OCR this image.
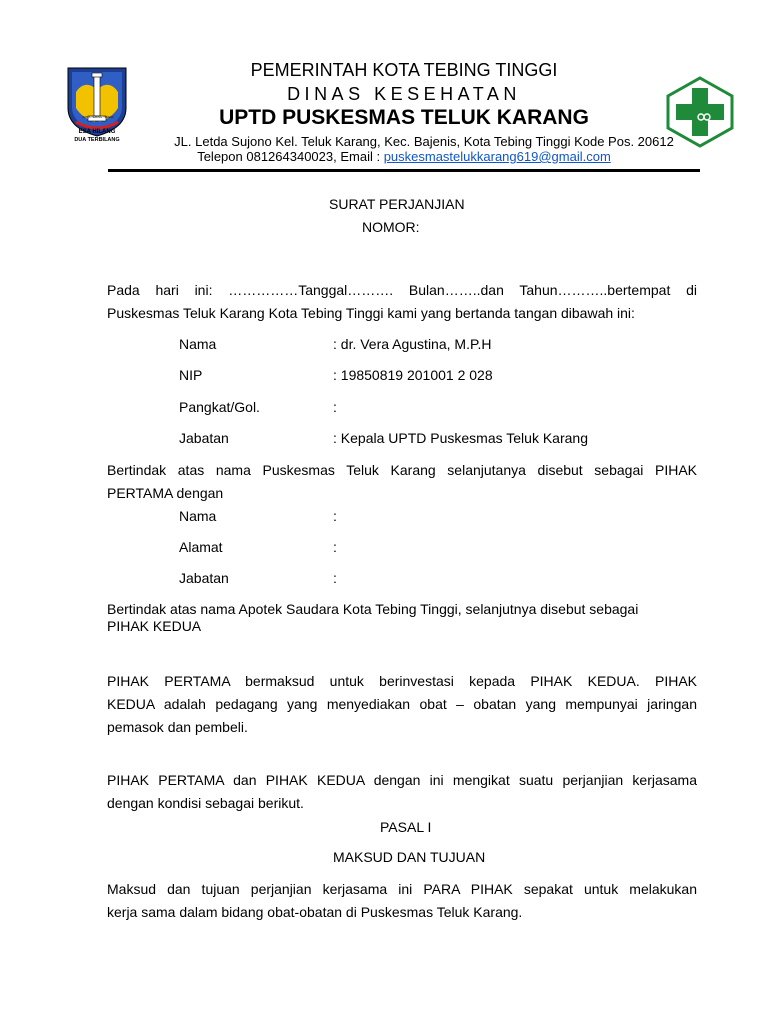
KOTA TEBING TINGGI
ESA HILANG
DUA TERBILANG
PEMERINTAH KOTA TEBING TINGGI
DINAS KESEHATAN
UPTD PUSKESMAS TELUK KARANG
JL. Letda Sujono Kel. Teluk Karang, Kec. Bajenis, Kota Tebing Tinggi Kode Pos. 20612
Telepon 081264340023, Email : puskesmastelukkarang619@gmail.com
SURAT PERJANJIAN
NOMOR:
Pada hari ini: ……………Tanggal………. Bulan……..dan Tahun………..bertempat di
Puskesmas Teluk Karang Kota Tebing Tinggi kami yang bertanda tangan dibawah ini:
Nama	: dr. Vera Agustina, M.P.H
NIP	: 19850819 201001 2 028
Pangkat/Gol.	:
Jabatan	: Kepala UPTD Puskesmas Teluk Karang
Bertindak atas nama Puskesmas Teluk Karang selanjutanya disebut sebagai PIHAK
PERTAMA dengan
Nama	:
Alamat	:
Jabatan	:
Bertindak atas nama Apotek Saudara Kota Tebing Tinggi, selanjutnya disebut sebagai
PIHAK KEDUA
PIHAK PERTAMA bermaksud untuk berinvestasi kepada PIHAK KEDUA. PIHAK
KEDUA adalah pedagang yang menyediakan obat – obatan yang mempunyai jaringan
pemasok dan pembeli.
PIHAK PERTAMA dan PIHAK KEDUA dengan ini mengikat suatu perjanjian kerjasama
dengan kondisi sebagai berikut.
PASAL I
MAKSUD DAN TUJUAN
Maksud dan tujuan perjanjian kerjasama ini PARA PIHAK sepakat untuk melakukan
kerja sama dalam bidang obat-obatan di Puskesmas Teluk Karang.
